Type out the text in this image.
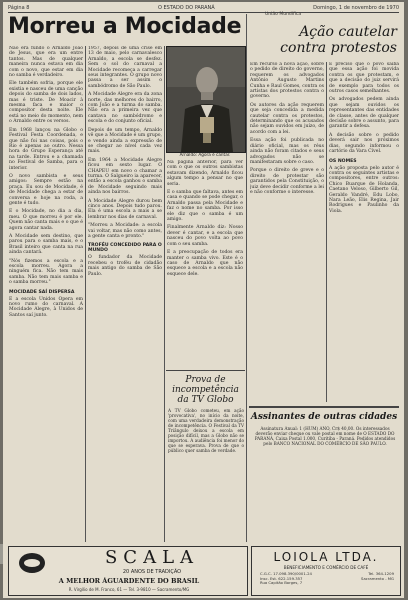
Página 8	O ESTADO DO PARANÁ	Domingo, 1 de novembro de 1970
Morreu a Mocidade	União Mundifica
Ação cautelar contra protestos

Não era fundo o Arnaldo João de Jesus, que era um entre tantos. Mas de qualquer maneira nunca estava em dia com o novo, que estar em dia no samba é verdadeiro.

Ele também sofria, porque ele existia e nasceu de uma canção depois do samba de dois lados, mas é triste. De Moacir à mesma faca e maior o compositor desta noite. Ele está no meio do momento, nem o Arnaldo entre os versos.

Em 1968 lançou na Globo o Festival Festa Coordenada, e que não foi nas coisas, pois o Rio é apenas ao outro. Nessa hora do Grupo Esperança até na tarde. Entrou e a chamada no Festival de Samba, para o interior.

O novo sambista e seus amigos: Sempre estão na praça. Eu sou de Mocidade, é de Mocidade chega a estar de conversa e hoje na roda, a gente é tudo.

E o Mocidade, no dia a dia, meu. O que morreu é por ele. Quem não canta mais e o que é agora cantar nada.

A Mocidade sem destino, que parou para o samba mais, e o Brasil inteiro que canta na rua ainda cantará.

"Nós fizemos a escola e a escola morreu. Agora a ninguém fica. Não tem mais samba. Não tem mais samba e o samba morreu."

MOCIDADE SAÍ DISPERSA

E a escola Unidos Opera em novo rumo do carnaval. A Mocidade Alegre, à Unidos de Santos saí junto.

1957, depois de uma crise em 13 de maio, pelo carnavalesco Arnaldo, a escola se desfez. Sem o sol do carnaval a Mocidade recomeça a carregar seus integrantes. O grupo novo passa a ser assim o sambódromo de São Paulo.

A Mocidade Alegre era da zona norte, das melhores do bairro, com João e a turma do samba. Não era a primeira vez que cantava no sambódromo e escola e do conjunto oficial.

Depois de um tempo, Arnaldo vê que a Mocidade é um grupo, e vendo ainda a expressão de se chegar ao nível cada vez mais.

Em 1964 a Mocidade Alegre ficou em sexto lugar. O CHAPEU em novo o chamar a turma. O Salgueiro ia aparecer, então a escola ganhou o samba de Mocidade seguindo mais ainda nos bairros.

A Mocidade Alegre durou bem cinco anos. Depois tudo parou. Ela é uma escola a mais a se lembrar nos dias de carnaval.

"Morreu a Mocidade: a escola vai voltar, mas não como antes, a gente canta e pronto."

TROFÉU CONCEDIDO PARA O MUNDO

O fundador da Mocidade recebeu o troféu de cidadão mais antigo do samba de São Paulo.

Arnaldo: Agora é cantar.

Na página anterior, para ver com o que os outros sambistas estavam dizendo, Arnaldo ficou algum tempo a pensar no que seria.

E o samba que faltava, antes em casa e quando se pode chegar, o Arnaldo passa pela Mocidade e faz o nome no samba. Por isso ele diz que o samba é um amigo.

Finalmente Arnaldo diz: Nosso dever é cantar, e a escola que nasceu do povo volta ao povo com o seu samba.

E a preocupação de todos era manter o samba vivo. Este é o caso de Arnaldo que não esquece a escola e a escola não esquece dele.

Prova de incompetência da TV Globo

A TV Globo cometeu, em ação 'provocativa', no início da noite, com uma verdadeira demonstração de incompetência. O Festival da TV Triângulo deixou a escola em posição difícil, mas a Globo não se importou. A audiência foi menor do que se esperava. Prova de que o público quer samba de verdade.

Em recurso à nova ação, sobre o pedido de direito do governo, requerem os advogados Antônio Augusto Martins Cunha e Raul Gomes, contra os artistas dos protestos contra o governo.

Os autores da ação requerem que seja concedida a medida cautelar contra os protestos, determinando que os acusados não sejam ouvidos em juízo, de acordo com a lei.

Essa ação foi publicada no diário oficial, mas os réus ainda não foram citados e seus advogados não se manifestaram sobre o caso.

Porque o direito de greve e o direito de protestar são garantidos pela Constituição, o juiz deve decidir conforme a lei e não conforme o interesse.

É preciso que o povo saiba que essa ação foi movida contra os que protestam, e que a decisão do juiz servirá de exemplo para todos os outros casos semelhantes.

Os advogados pedem ainda que sejam ouvidos os representantes das entidades de classe, antes de qualquer decisão sobre o assunto, para garantir a defesa.

A decisão sobre o pedido deverá sair nos próximos dias, segundo informou o cartório da Vara Cível.

OS NOMES

A ação proposta pelo autor é contra os seguintes artistas e compositores, entre outros: Chico Buarque de Holanda, Caetano Veloso, Gilberto Gil, Geraldo Vandré, Edu Lobo, Nara Leão, Elis Regina, Jair Rodrigues e Paulinho da Viola.

Assinantes de outras cidades

Assinatura Anual: 1 (HUM) ANO, Cr$ 40,00. Os interessados deverão enviar cheque ou vale postal em nome de O ESTADO DO PARANÁ, Caixa Postal 1.000, Curitiba - Paraná. Pedidos atendidos pelo BANCO NACIONAL DO COMÉRCIO DE SÃO PAULO.

SCALA
20 ANOS DE TRADIÇÃO
A MELHOR ÁGUARDENTE DO BRASIL
R. Virgílio de M. Franco, 61 — Tel. 3-9810 — Sacramento/MG
LOIOLA LTDA.
BENEFICIAMENTO E COMÉRCIO DE CAFÉ
C.G.C. 17.098.390/0001-24
Insc. Est. 622.159.357
Rua Capitão Borges, 7
Tel. 364-1209
Sacramento - MG
